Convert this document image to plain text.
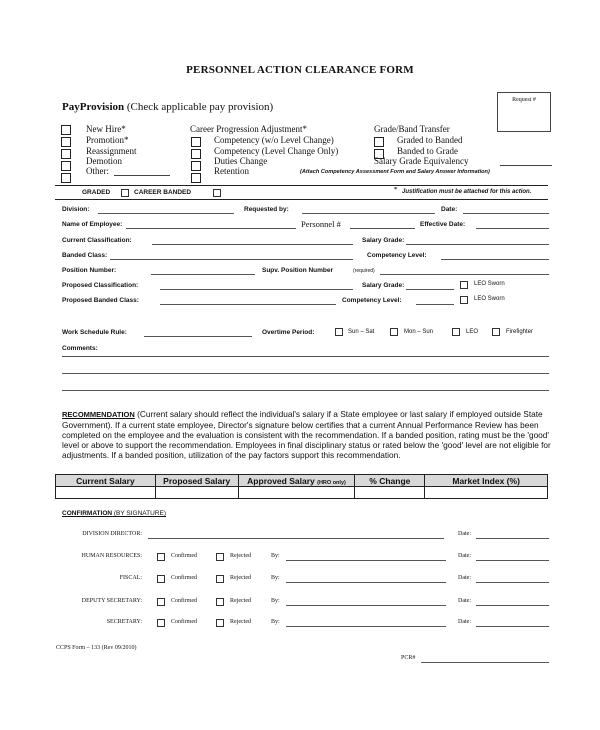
PERSONNEL ACTION CLEARANCE FORM
Request #
PayProvision (Check applicable pay provision)
New Hire*
Promotion*
Reassignment
Demotion
Other:
Career Progression Adjustment*
Competency (w/o Level Change)
Competency (Level Change Only)
Duties Change
Retention
Grade/Band Transfer
Graded to Banded
Banded to Grade
Salary Grade Equivalency
(Attach Competency Assessment Form and Salary Answer Information)
GRADED	CAREER BANDED	* Justification must be attached for this action.
Division:	Requested by:	Date:
Name of Employee:	Personnel #	Effective Date:
Current Classification:	Salary Grade:
Banded Class:	Competency Level:
Position Number:	Supv. Position Number	(required)
Proposed Classification:	Salary Grade:	LEO Sworn
Proposed Banded Class:	Competency Level:	LEO Sworn
Work Schedule Rule:	Overtime Period:	Sun – Sat	Mon – Sun	LEO	Firefighter
Comments:
RECOMMENDATION (Current salary should reflect the individual's salary if a State employee or last salary if employed outside State Government). If a current state employee, Director's signature below certifies that a current Annual Performance Review has been completed on the employee and the evaluation is consistent with the recommendation. If a banded position, rating must be the 'good' level or above to support the recommendation. Employees in final disciplinary status or rated below the 'good' level are not eligible for adjustments. If a banded position, utilization of the pay factors support this recommendation.
Current Salary	Proposed Salary	Approved Salary (HRO only)	% Change	Market Index (%)

CONFIRMATION (BY SIGNATURE)
DIVISION DIRECTOR:	Date:
HUMAN RESOURCES:	Confirmed	Rejected	By:	Date:
FISCAL:	Confirmed	Rejected	By:	Date:
DEPUTY SECRETARY:	Confirmed	Rejected	By:	Date:
SECRETARY:	Confirmed	Rejected	By:	Date:
CCPS Form – 133 (Rev 09/2010)
PCR#
